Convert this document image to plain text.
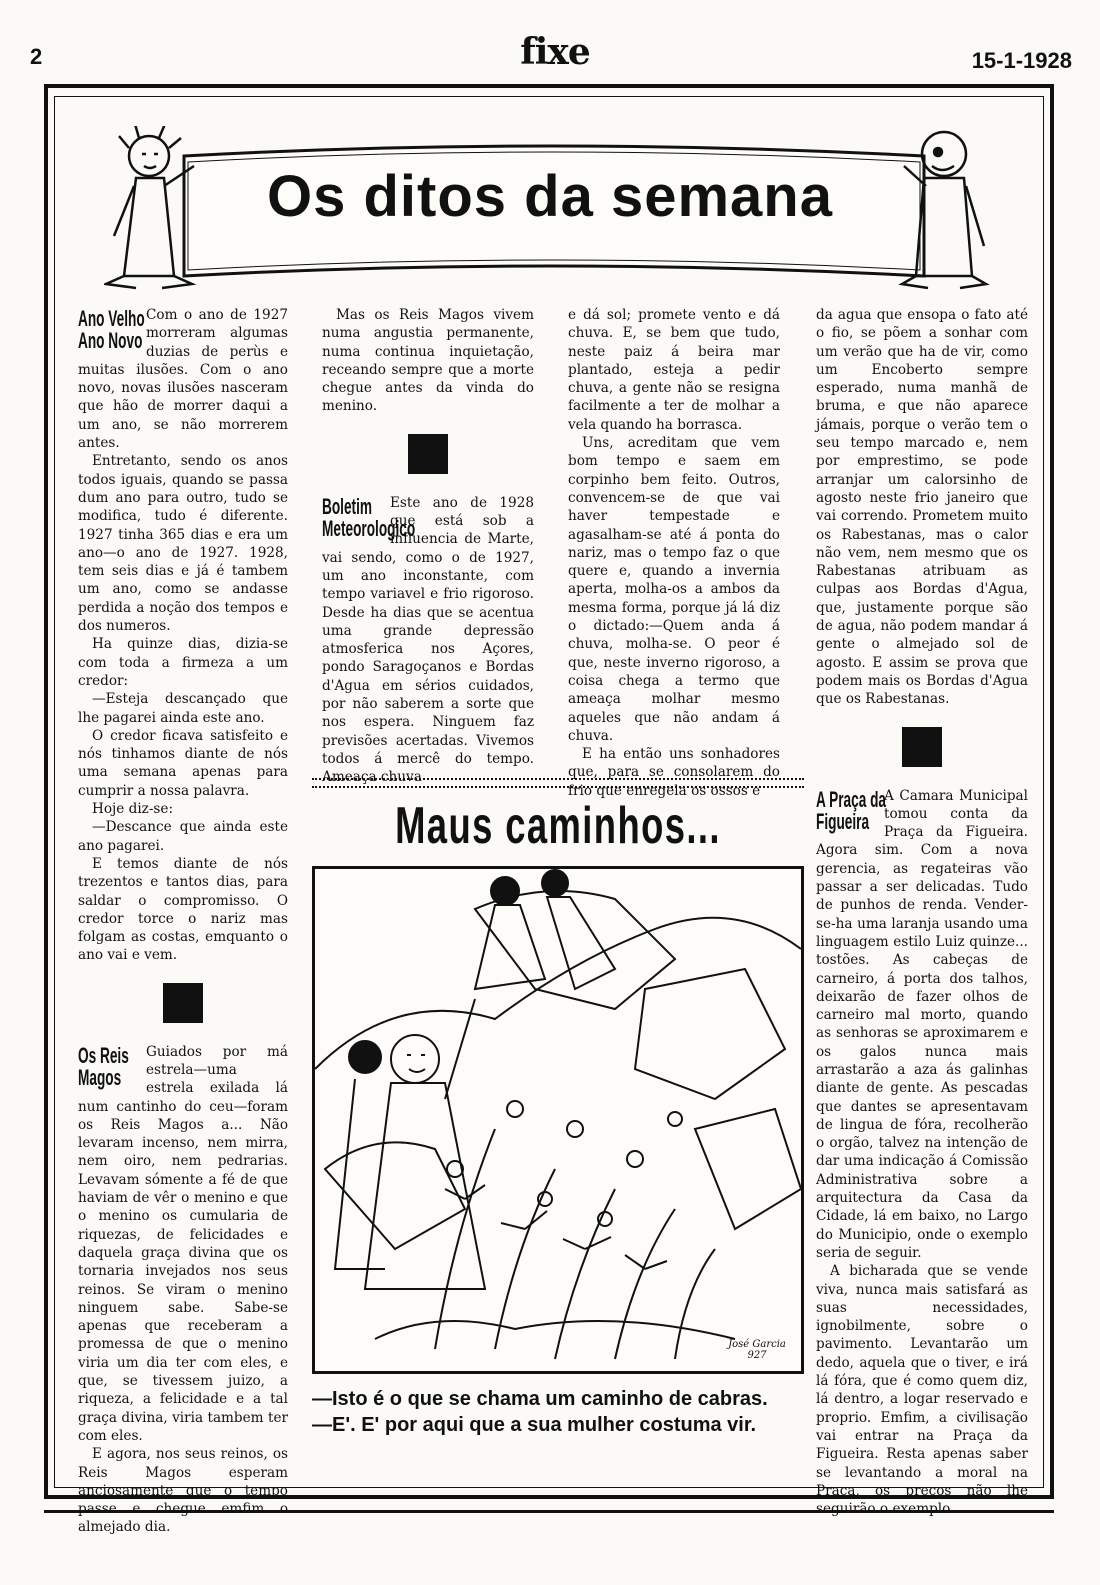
2	fixe	15-1-1928
Os ditos da semana
Ano Velho
Ano Novo

Com o ano de 1927 morreram algumas duzias de perùs e muitas ilusões. Com o ano novo, novas ilusões nasceram que hão de morrer daqui a um ano, se não morrerem antes.

Entretanto, sendo os anos todos iguais, quando se passa dum ano para outro, tudo se modifica, tudo é diferente. 1927 tinha 365 dias e era um ano—o ano de 1927. 1928, tem seis dias e já é tambem um ano, como se andasse perdida a noção dos tempos e dos numeros.

Ha quinze dias, dizia-se com toda a firmeza a um credor:

—Esteja descançado que lhe pagarei ainda este ano.

O credor ficava satisfeito e nós tinhamos diante de nós uma semana apenas para cumprir a nossa palavra.

Hoje diz-se:

—Descance que ainda este ano pagarei.

E temos diante de nós trezentos e tantos dias, para saldar o compromisso. O credor torce o nariz mas folgam as costas, emquanto o ano vai e vem.

Os Reis
Magos

Guiados por má estrela—uma estrela exilada lá num cantinho do ceu—foram os Reis Magos a... Não levaram incenso, nem mirra, nem oiro, nem pedrarias. Levavam sómente a fé de que haviam de vêr o menino e que o menino os cumularia de riquezas, de felicidades e daquela graça divina que os tornaria invejados nos seus reinos. Se viram o menino ninguem sabe. Sabe-se apenas que receberam a promessa de que o menino viria um dia ter com eles, e que, se tivessem juizo, a riqueza, a felicidade e a tal graça divina, viria tambem ter com eles.

E agora, nos seus reinos, os Reis Magos esperam anciosamente que o tempo almejado dia.

Mas os Reis Magos vivem numa angustia permanente, numa continua inquietação, receando sempre que a morte chegue antes da vinda do menino.

Boletim
Meteorologico

Este ano de 1928 que está sob a influencia de Marte, vai sendo, como o de 1927, um ano inconstante, com tempo variavel e frio rigoroso. Desde ha dias que se acentua uma grande depressão atmosferica nos Açores, pondo Saragoçanos e Bordas d'Agua em sérios cuidados, por não saberem a sorte que nos espera. Ninguem faz previsões acertadas. Vivemos todos á mercê do tempo. Ameaça chuva

e dá sol; promete vento e dá chuva. E, se bem que tudo, neste paiz á beira mar plantado, esteja a pedir chuva, a gente não se resigna facilmente a ter de molhar a vela quando ha borrasca.

Uns, acreditam que vem bom tempo e saem em corpinho bem feito. Outros, convencem-se de que vai haver tempestade e agasalham-se até á ponta do nariz, mas o tempo faz o que quere e, quando a invernia aperta, molha-os a ambos da mesma forma, porque já lá diz o dictado:—Quem anda á chuva, molha-se. O peor é que, neste inverno rigoroso, a coisa chega a termo que ameaça molhar mesmo aqueles que não andam á chuva.

E ha então uns sonhadores que, para se consolarem do frio que enregela os ossos e

da agua que ensopa o fato até o fio, se põem a sonhar com um verão que ha de vir, como um Encoberto sempre esperado, numa manhã de bruma, e que não aparece jámais, porque o verão tem o seu tempo marcado e, nem por emprestimo, se pode arranjar um calorsinho de agosto neste frio janeiro que vai correndo. Prometem muito os Rabestanas, mas o calor não vem, nem mesmo que os Rabestanas atribuam as culpas aos Bordas d'Agua, que, justamente porque são de agua, não podem mandar á gente o almejado sol de agosto. E assim se prova que podem mais os Bordas d'Agua que os Rabestanas.

A Praça da
Figueira

A Camara Municipal tomou conta da Praça da Figueira. Agora sim. Com a nova gerencia, as regateiras vão passar a ser delicadas. Tudo de punhos de renda. Vender-se-ha uma laranja usando uma linguagem estilo Luiz quinze... tostões. As cabeças de carneiro, á porta dos talhos, deixarão de fazer olhos de carneiro mal morto, quando as senhoras se aproximarem e os galos nunca mais arrastarão a aza ás galinhas diante de gente. As pescadas que dantes se apresentavam de lingua de fóra, recolherão o orgão, talvez na intenção de dar uma indicação á Comissão Administrativa sobre a arquitectura da Casa da Cidade, lá em baixo, no Largo do Municipio, onde o exemplo seria de seguir.

A bicharada que se vende viva, nunca mais satisfará as suas necessidades, ignobilmente, sobre o pavimento. Levantarão um dedo, aquela que o tiver, e irá lá fóra, que é como quem diz, lá dentro, a logar reservado e proprio. Emfim, a civilisação vai entrar na Praça da Figueira. Resta apenas saber se levantando a moral na Praça, os preços não lhe

Maus caminhos...
José Garcia 927
—Isto é o que se chama um caminho de cabras.
—E'. E' por aqui que a sua mulher costuma vir.
